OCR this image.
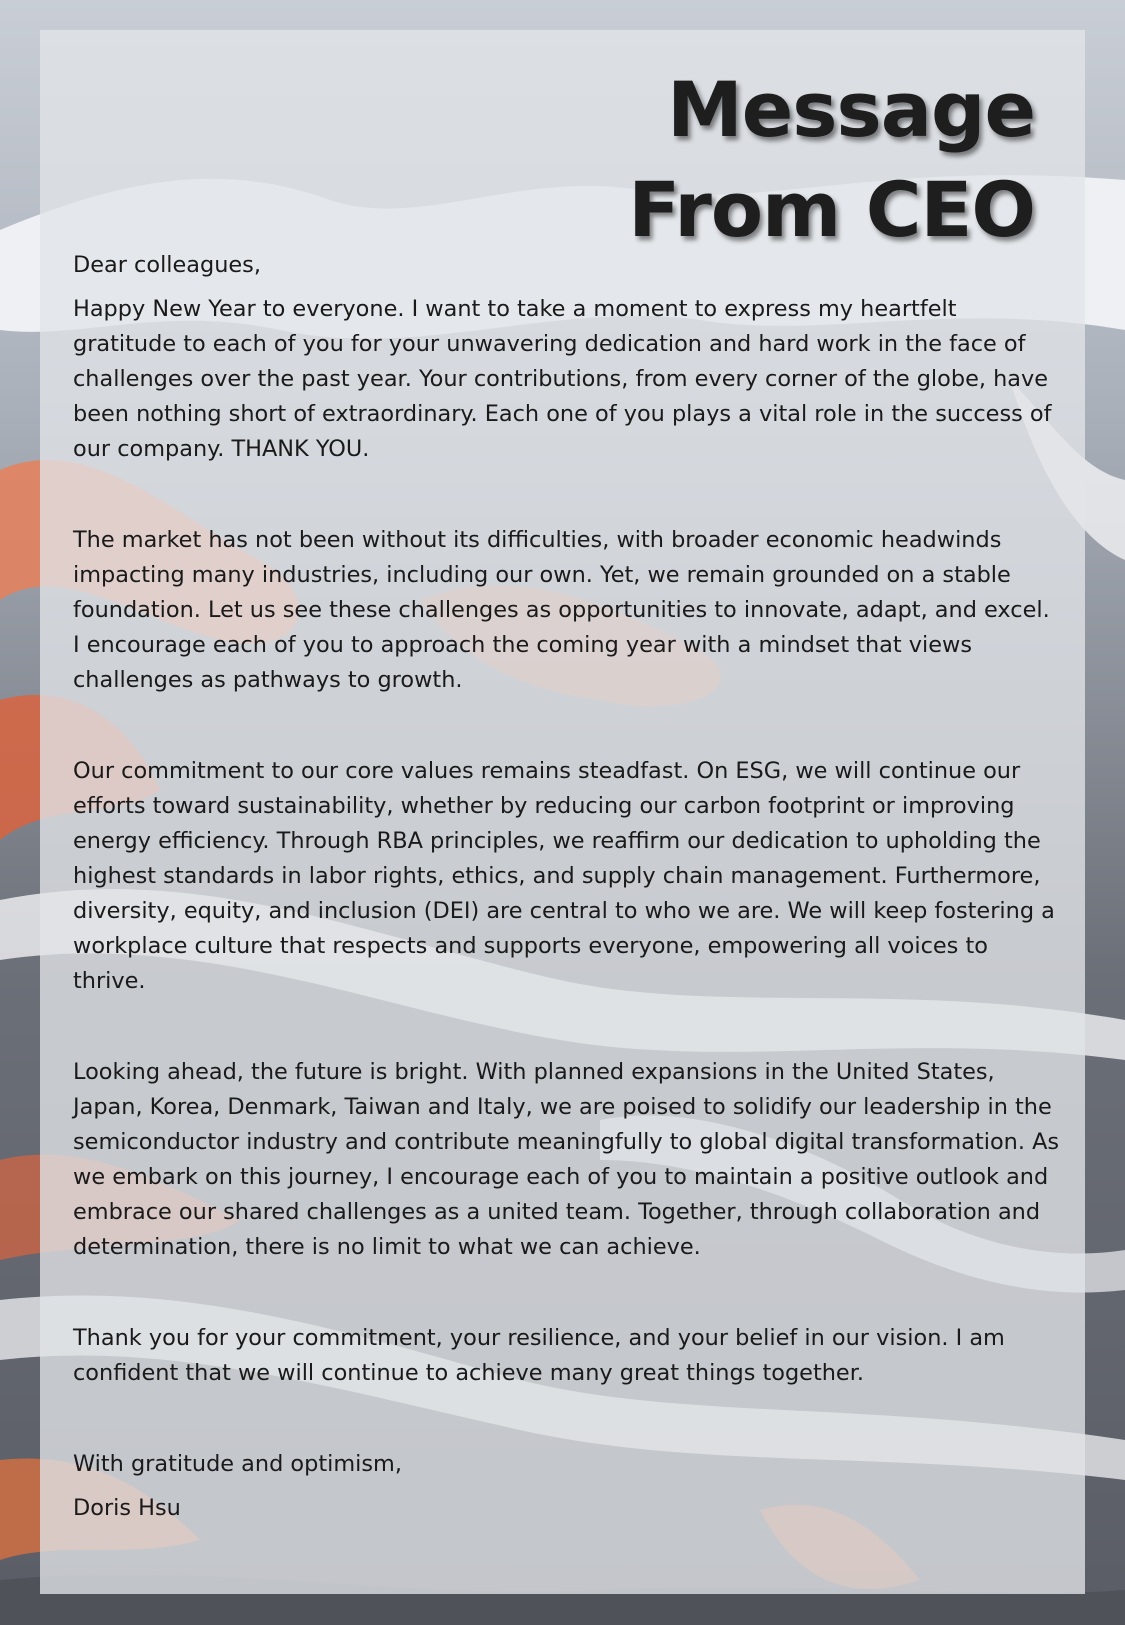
Message
From CEO

Dear colleagues,

Happy New Year to everyone. I want to take a moment to express my heartfelt gratitude to each of you for your unwavering dedication and hard work in the face of challenges over the past year. Your contributions, from every corner of the globe, have been nothing short of extraordinary. Each one of you plays a vital role in the success of our company. THANK YOU.

The market has not been without its difficulties, with broader economic headwinds impacting many industries, including our own. Yet, we remain grounded on a stable foundation. Let us see these challenges as opportunities to innovate, adapt, and excel. I encourage each of you to approach the coming year with a mindset that views challenges as pathways to growth.

Our commitment to our core values remains steadfast. On ESG, we will continue our efforts toward sustainability, whether by reducing our carbon footprint or improving energy efficiency. Through RBA principles, we reaffirm our dedication to upholding the highest standards in labor rights, ethics, and supply chain management. Furthermore, diversity, equity, and inclusion (DEI) are central to who we are. We will keep fostering a workplace culture that respects and supports everyone, empowering all voices to thrive.

Looking ahead, the future is bright. With planned expansions in the United States, Japan, Korea, Denmark, Taiwan and Italy, we are poised to solidify our leadership in the semiconductor industry and contribute meaningfully to global digital transformation. As we embark on this journey, I encourage each of you to maintain a positive outlook and embrace our shared challenges as a united team. Together, through collaboration and determination, there is no limit to what we can achieve.

Thank you for your commitment, your resilience, and your belief in our vision. I am confident that we will continue to achieve many great things together.

With gratitude and optimism,

Doris Hsu
